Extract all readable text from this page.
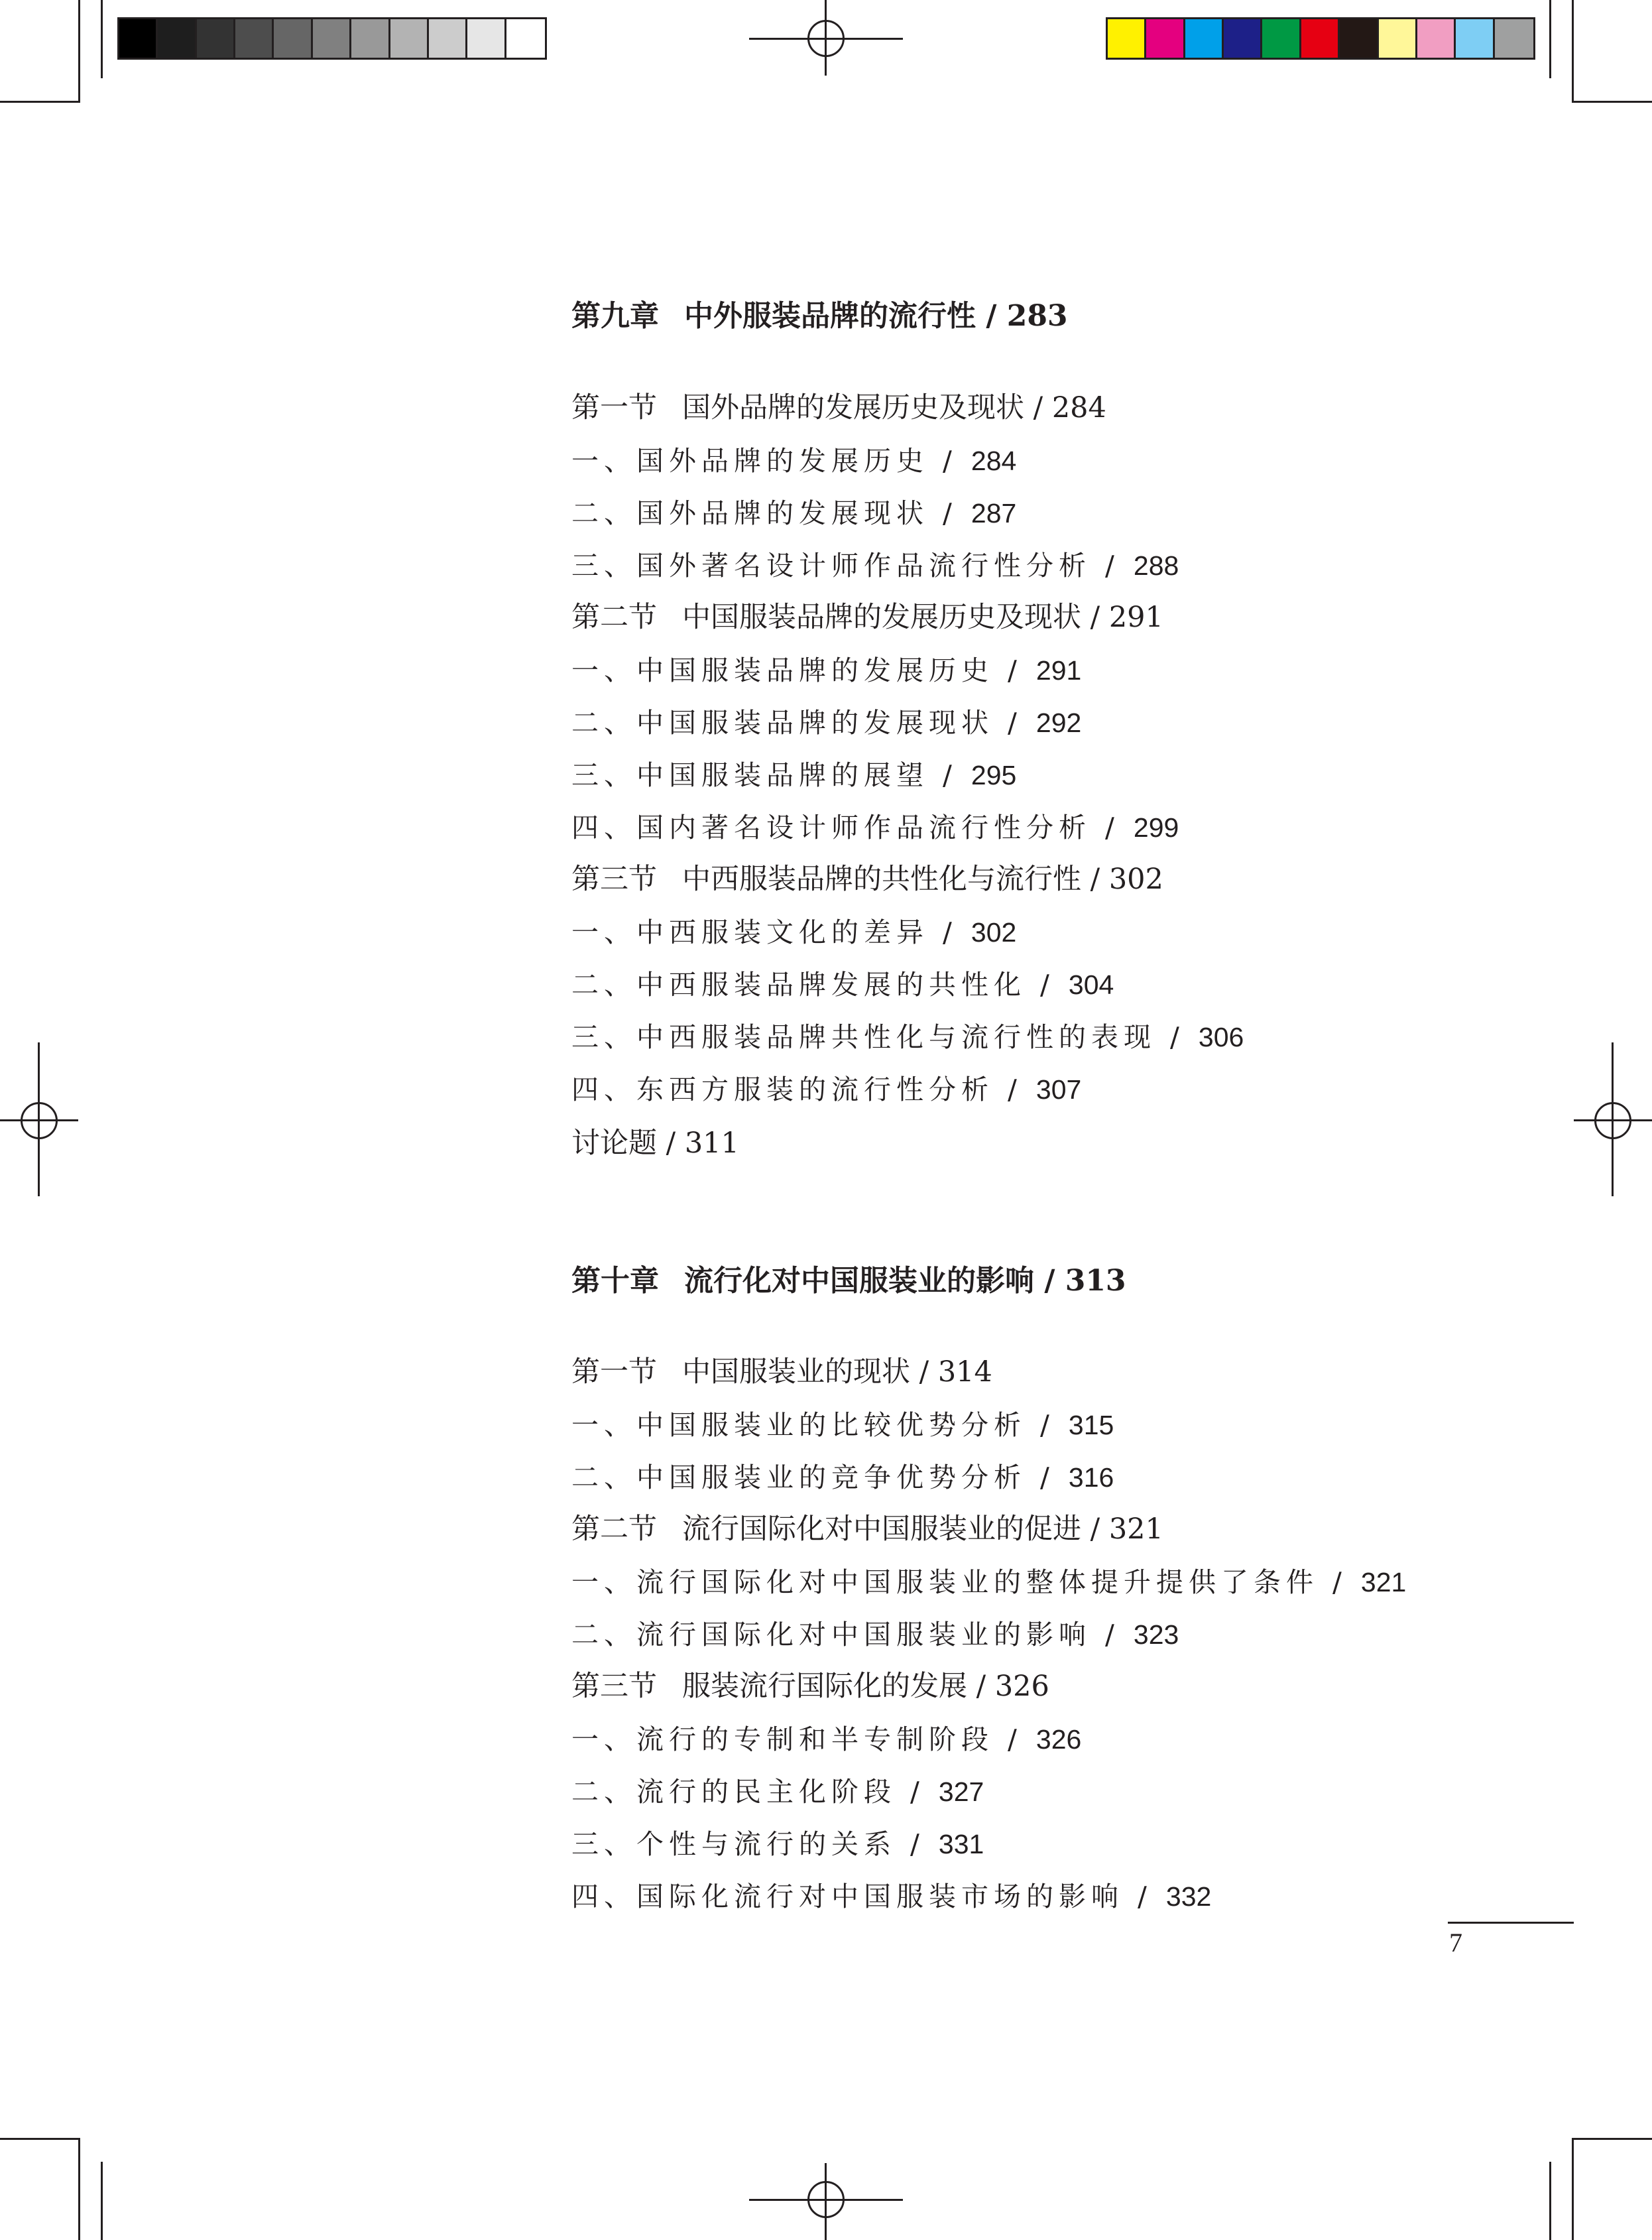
第九章 中外服装品牌的流行性 / 283
第一节 国外品牌的发展历史及现状 / 284
一、国外品牌的发展历史 / 284
二、国外品牌的发展现状 / 287
三、国外著名设计师作品流行性分析 / 288
第二节 中国服装品牌的发展历史及现状 / 291
一、中国服装品牌的发展历史 / 291
二、中国服装品牌的发展现状 / 292
三、中国服装品牌的展望 / 295
四、国内著名设计师作品流行性分析 / 299
第三节 中西服装品牌的共性化与流行性 / 302
一、中西服装文化的差异 / 302
二、中西服装品牌发展的共性化 / 304
三、中西服装品牌共性化与流行性的表现 / 306
四、东西方服装的流行性分析 / 307
讨论题 / 311
第十章 流行化对中国服装业的影响 / 313
第一节 中国服装业的现状 / 314
一、中国服装业的比较优势分析 / 315
二、中国服装业的竞争优势分析 / 316
第二节 流行国际化对中国服装业的促进 / 321
一、流行国际化对中国服装业的整体提升提供了条件 / 321
二、流行国际化对中国服装业的影响 / 323
第三节 服装流行国际化的发展 / 326
一、流行的专制和半专制阶段 / 326
二、流行的民主化阶段 / 327
三、个性与流行的关系 / 331
四、国际化流行对中国服装市场的影响 / 332
7
